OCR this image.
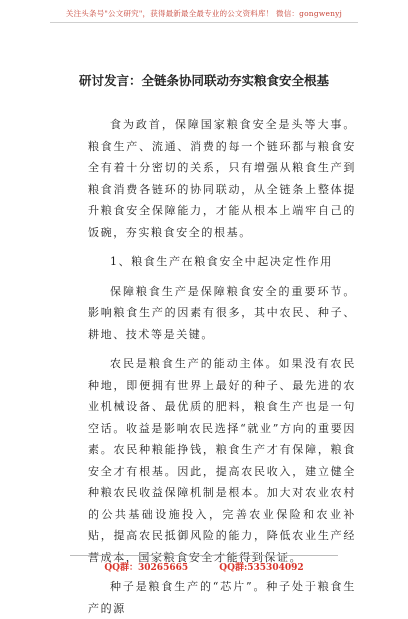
关注头条号"公文研究"，获得最新最全最专业的公文资料库！ 微信：gongwenyj
研讨发言：全链条协同联动夯实粮食安全根基

食为政首，保障国家粮食安全是头等大事。粮食生产、流通、消费的每一个链环都与粮食安全有着十分密切的关系，只有增强从粮食生产到粮食消费各链环的协同联动，从全链条上整体提升粮食安全保障能力，才能从根本上端牢自己的饭碗，夯实粮食安全的根基。

1、粮食生产在粮食安全中起决定性作用

保障粮食生产是保障粮食安全的重要环节。影响粮食生产的因素有很多，其中农民、种子、耕地、技术等是关键。

农民是粮食生产的能动主体。如果没有农民种地，即便拥有世界上最好的种子、最先进的农业机械设备、最优质的肥料，粮食生产也是一句空话。收益是影响农民选择“就业”方向的重要因素。农民种粮能挣钱，粮食生产才有保障，粮食安全才有根基。因此，提高农民收入，建立健全种粮农民收益保障机制是根本。加大对农业农村的公共基础设施投入，完善农业保险和农业补贴，提高农民抵御风险的能力，降低农业生产经营成本，国家粮食安全才能得到保证。

种子是粮食生产的“芯片”。种子处于粮食生产的源

QQ群：30265665	QQ群:535304092
